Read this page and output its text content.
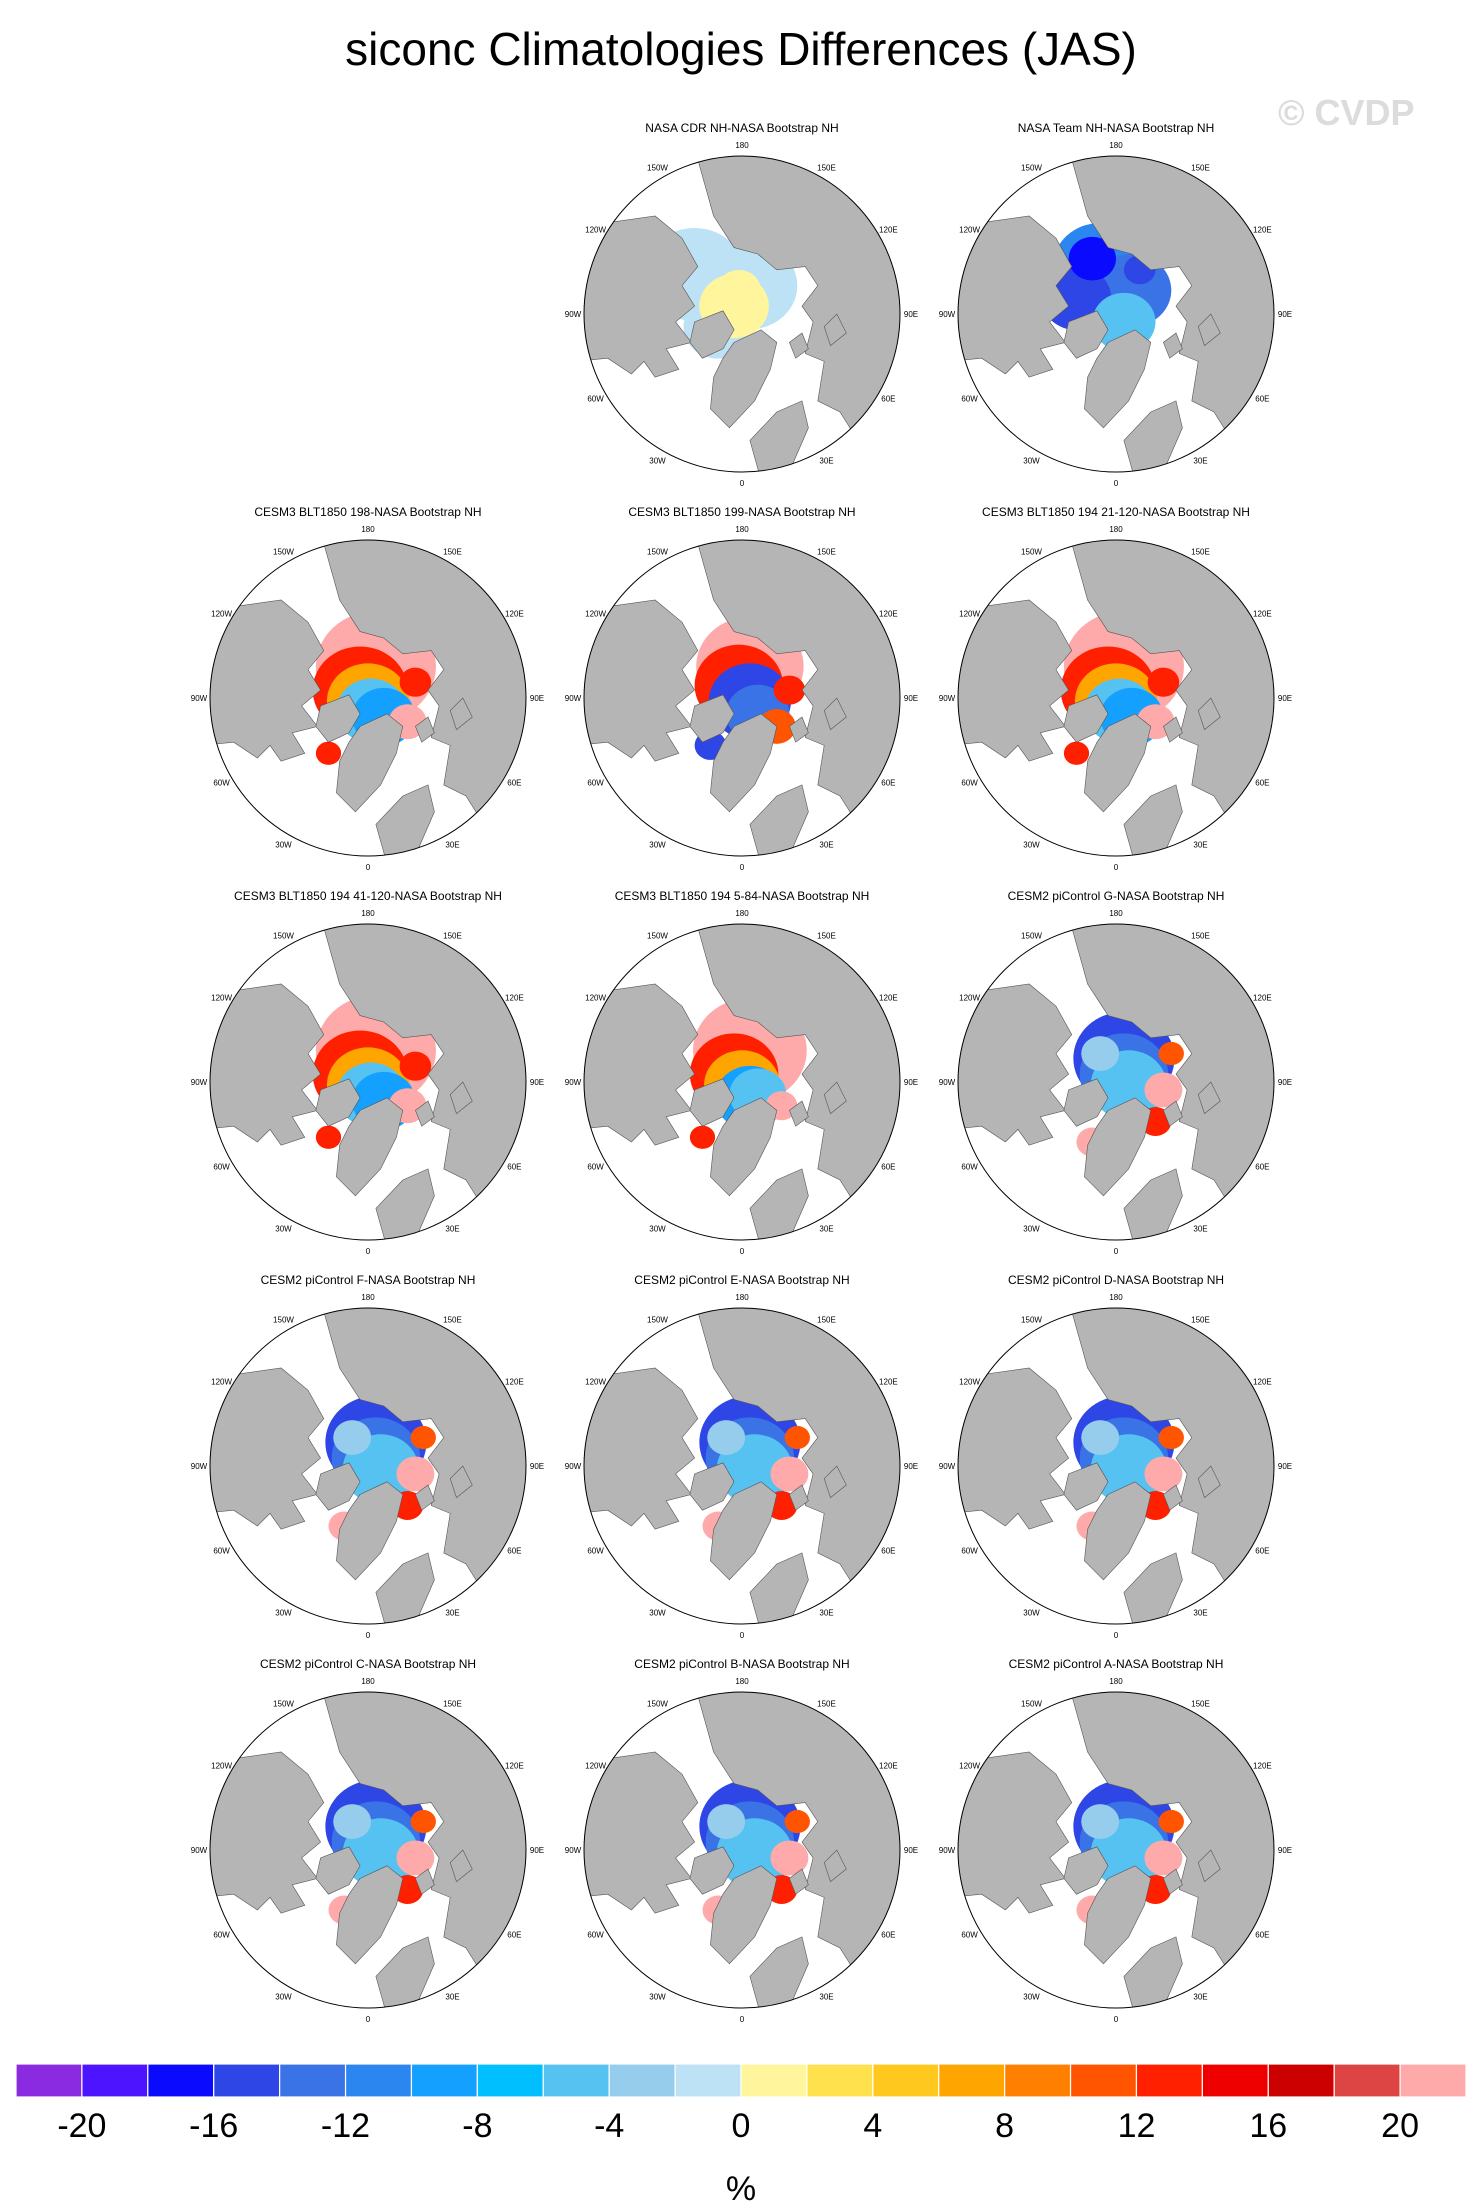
siconc Climatologies Differences (JAS)
© CVDP
NASA CDR NH-NASA Bootstrap NH
180
150E
120E
90E
60E
30E
0
30W
60W
90W
120W
150W
NASA Team NH-NASA Bootstrap NH
180
150E
120E
90E
60E
30E
0
30W
60W
90W
120W
150W
CESM3 BLT1850 198-NASA Bootstrap NH
180
150E
120E
90E
60E
30E
0
30W
60W
90W
120W
150W
CESM3 BLT1850 199-NASA Bootstrap NH
180
150E
120E
90E
60E
30E
0
30W
60W
90W
120W
150W
CESM3 BLT1850 194 21-120-NASA Bootstrap NH
180
150E
120E
90E
60E
30E
0
30W
60W
90W
120W
150W
CESM3 BLT1850 194 41-120-NASA Bootstrap NH
180
150E
120E
90E
60E
30E
0
30W
60W
90W
120W
150W
CESM3 BLT1850 194 5-84-NASA Bootstrap NH
180
150E
120E
90E
60E
30E
0
30W
60W
90W
120W
150W
CESM2 piControl G-NASA Bootstrap NH
180
150E
120E
90E
60E
30E
0
30W
60W
90W
120W
150W
CESM2 piControl F-NASA Bootstrap NH
180
150E
120E
90E
60E
30E
0
30W
60W
90W
120W
150W
CESM2 piControl E-NASA Bootstrap NH
180
150E
120E
90E
60E
30E
0
30W
60W
90W
120W
150W
CESM2 piControl D-NASA Bootstrap NH
180
150E
120E
90E
60E
30E
0
30W
60W
90W
120W
150W
CESM2 piControl C-NASA Bootstrap NH
180
150E
120E
90E
60E
30E
0
30W
60W
90W
120W
150W
CESM2 piControl B-NASA Bootstrap NH
180
150E
120E
90E
60E
30E
0
30W
60W
90W
120W
150W
CESM2 piControl A-NASA Bootstrap NH
180
150E
120E
90E
60E
30E
0
30W
60W
90W
120W
150W
-20 -16 -12	-8	-4	0	4	8	12	16	20
%
